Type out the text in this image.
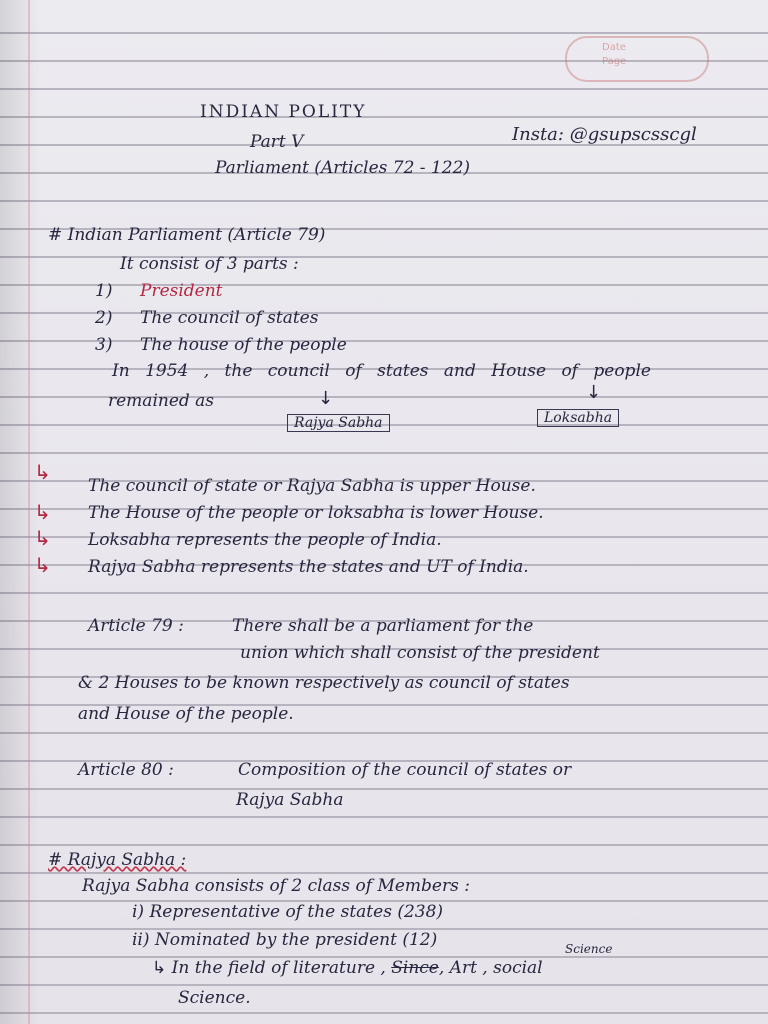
Date
Page
INDIAN POLITY
Part V	Insta: @gsupscsscgl
Parliament (Articles 72 - 122)
# Indian Parliament (Article 79)
It consist of 3 parts :
1) President
2) The council of states
3) The house of the people
In 1954 , the council of states and House of people
remained as	↓	↓
Rajya Sabha	Loksabha
↳
The council of state or Rajya Sabha is upper House.
↳ The House of the people or loksabha is lower House.
↳ Loksabha represents the people of India.
↳ Rajya Sabha represents the states and UT of India.
Article 79 :	There shall be a parliament for the
union which shall consist of the president
& 2 Houses to be known respectively as council of states
and House of the people.
Article 80 :	Composition of the council of states or
Rajya Sabha
# Rajya Sabha :
Rajya Sabha consists of 2 class of Members :
i) Representative of the states (238)
ii) Nominated by the president (12)
↳ In the field of literature , Since, Art , social
Science
Science.
